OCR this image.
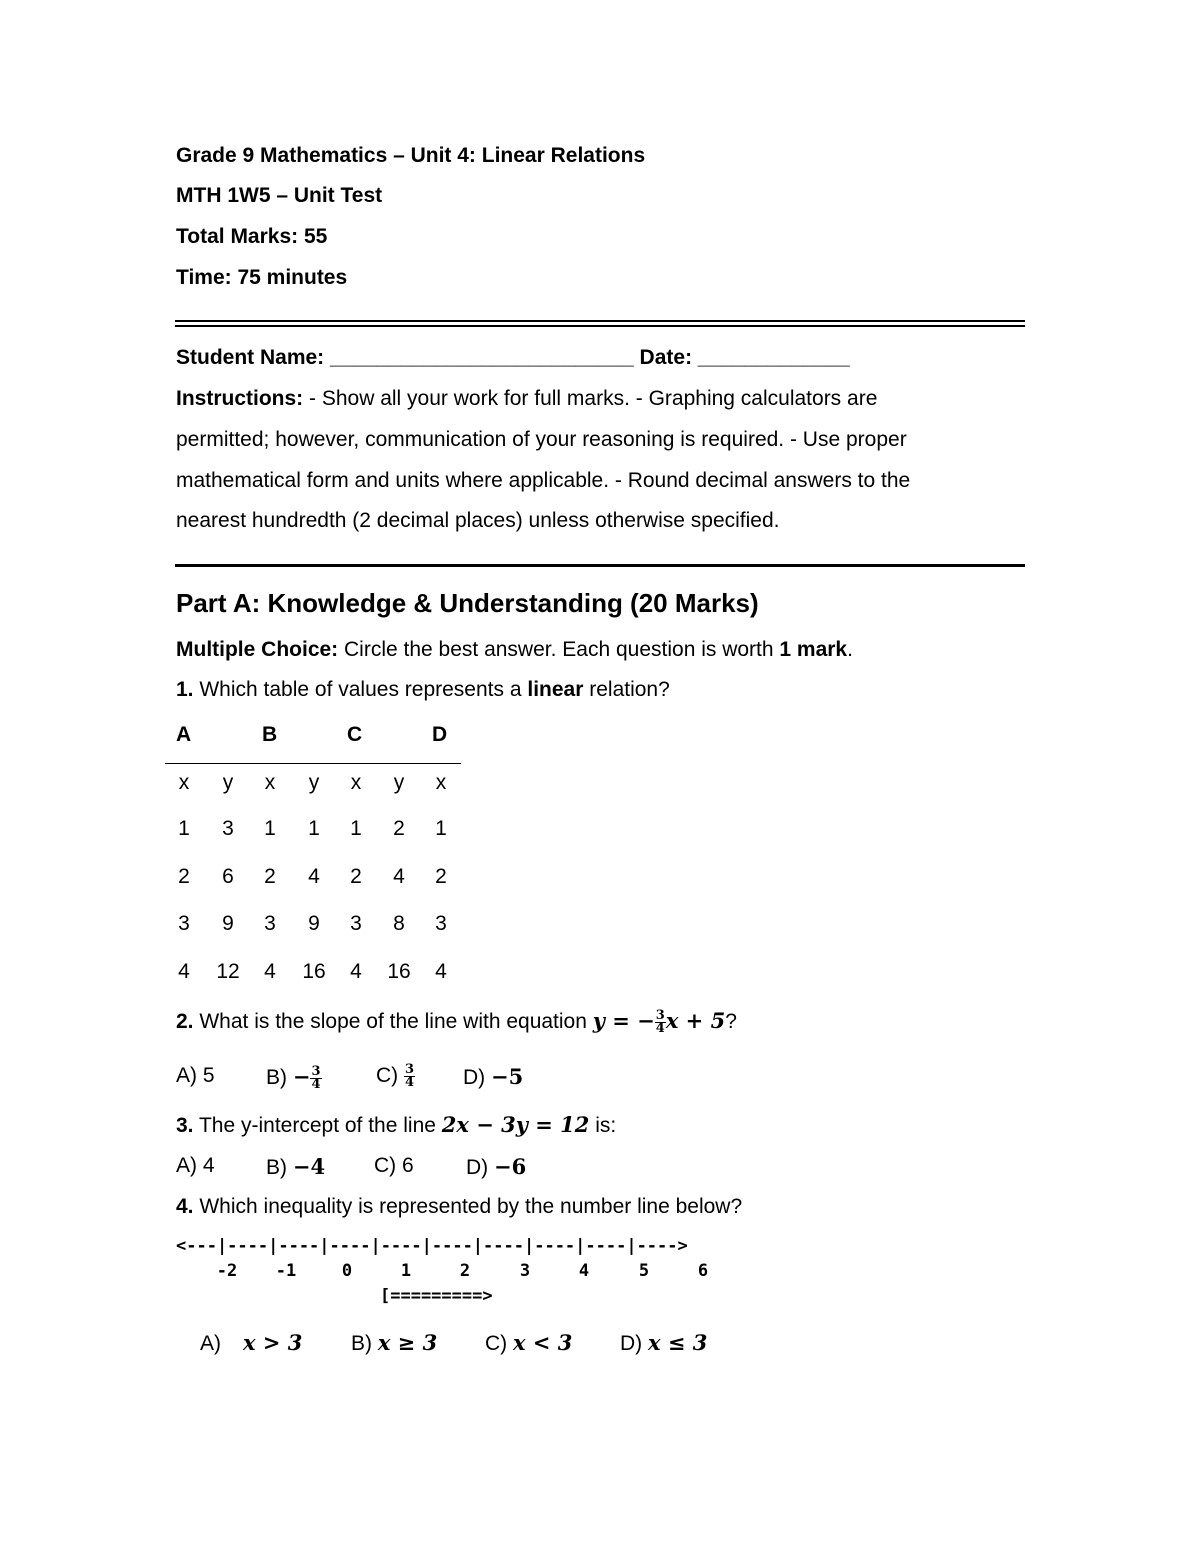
Grade 9 Mathematics – Unit 4: Linear Relations
MTH 1W5 – Unit Test
Total Marks: 55
Time: 75 minutes
Student Name: __________________________ Date: _____________
Instructions: - Show all your work for full marks. - Graphing calculators are
permitted; however, communication of your reasoning is required. - Use proper
mathematical form and units where applicable. - Round decimal answers to the
nearest hundredth (2 decimal places) unless otherwise specified.
Part A: Knowledge & Understanding (20 Marks)
Multiple Choice: Circle the best answer. Each question is worth 1 mark.
1. Which table of values represents a linear relation?
A	B	C	D
x	y	x	y	x	y	x
1	3	1	1	1	2	1
2	6	2	4	2	4	2
3	9	3	9	3	8	3
4	12	4	16	4	16	4
2. What is the slope of the line with equation y = − $\frac{3}{4}$ x + 5?
A) 5 $B) - \frac{3}{4}$	$C) \frac{3}{4} D) -5$
3. The y-intercept of the line 2x − 3y = 12 is:
A) 4 B) −4 C) 6 D) −6
4. Which inequality is represented by the number line below?
<---|----|----|----|----|----|----|----|----|---->
-2 -1	0	1	2	3	4	5	6
[=========>
A) x > 3 B) x ≥ 3 C) x < 3 D) x ≤ 3
